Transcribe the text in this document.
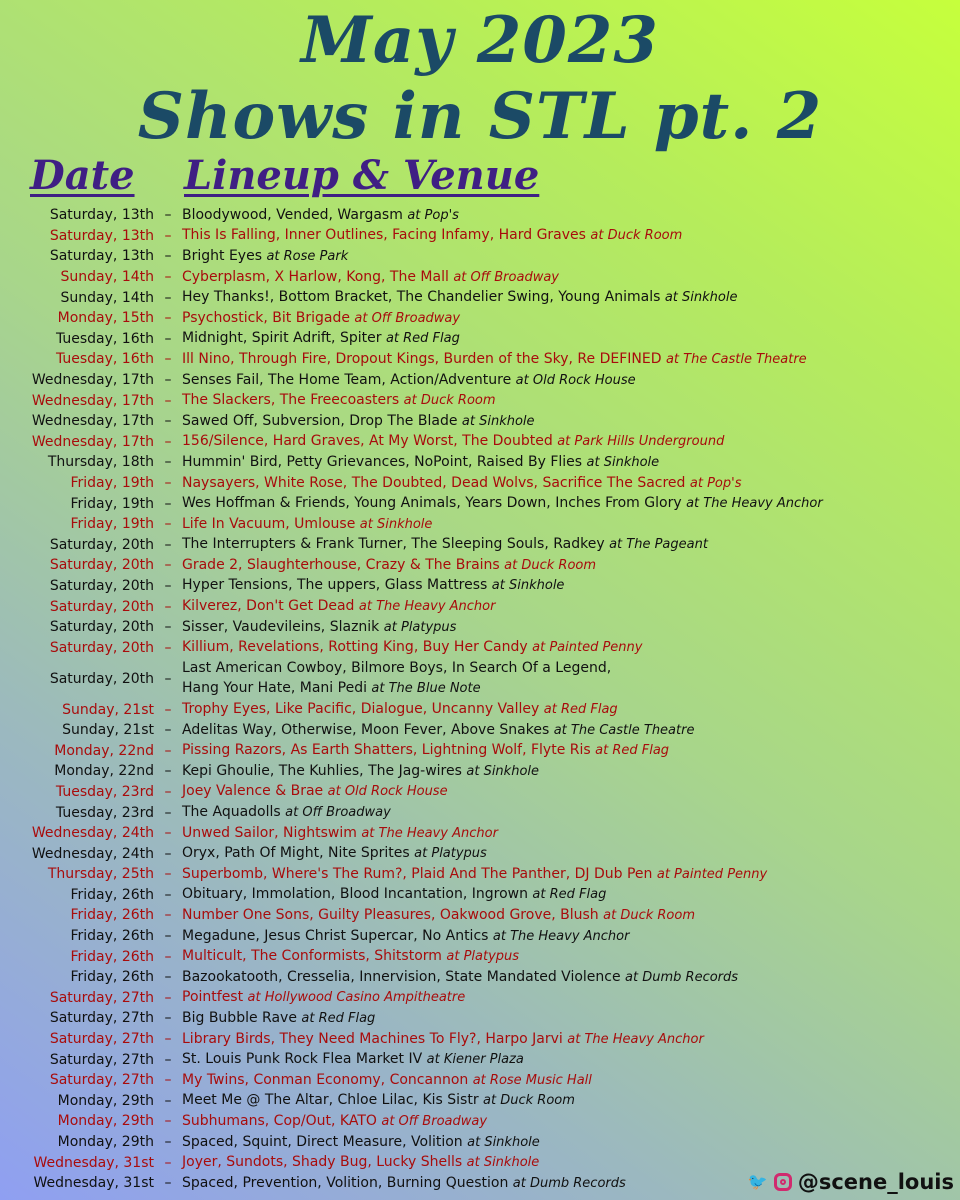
May 2023
Shows in STL pt. 2
Date Lineup & Venue
Saturday, 13th – Bloodywood, Vended, Wargasm at Pop's
Saturday, 13th – This Is Falling, Inner Outlines, Facing Infamy, Hard Graves at Duck Room
Saturday, 13th – Bright Eyes at Rose Park
Sunday, 14th – Cyberplasm, X Harlow, Kong, The Mall at Off Broadway
Sunday, 14th – Hey Thanks!, Bottom Bracket, The Chandelier Swing, Young Animals at Sinkhole
Monday, 15th – Psychostick, Bit Brigade at Off Broadway
Tuesday, 16th – Midnight, Spirit Adrift, Spiter at Red Flag
Tuesday, 16th – Ill Nino, Through Fire, Dropout Kings, Burden of the Sky, Re DEFINED at The Castle Theatre
Wednesday, 17th – Senses Fail, The Home Team, Action/Adventure at Old Rock House
Wednesday, 17th – The Slackers, The Freecoasters at Duck Room
Wednesday, 17th – Sawed Off, Subversion, Drop The Blade at Sinkhole
Wednesday, 17th – 156/Silence, Hard Graves, At My Worst, The Doubted at Park Hills Underground
Thursday, 18th – Hummin' Bird, Petty Grievances, NoPoint, Raised By Flies at Sinkhole
Friday, 19th – Naysayers, White Rose, The Doubted, Dead Wolvs, Sacrifice The Sacred at Pop's
Friday, 19th – Wes Hoffman & Friends, Young Animals, Years Down, Inches From Glory at The Heavy Anchor
Friday, 19th – Life In Vacuum, Umlouse at Sinkhole
Saturday, 20th – The Interrupters & Frank Turner, The Sleeping Souls, Radkey at The Pageant
Saturday, 20th – Grade 2, Slaughterhouse, Crazy & The Brains at Duck Room
Saturday, 20th – Hyper Tensions, The uppers, Glass Mattress at Sinkhole
Saturday, 20th – Kilverez, Don't Get Dead at The Heavy Anchor
Saturday, 20th – Sisser, Vaudevileins, Slaznik at Platypus
Saturday, 20th – Killium, Revelations, Rotting King, Buy Her Candy at Painted Penny
Saturday, 20th –
Last American Cowboy, Bilmore Boys, In Search Of a Legend,
Hang Your Hate, Mani Pedi at The Blue Note
Sunday, 21st – Trophy Eyes, Like Pacific, Dialogue, Uncanny Valley at Red Flag
Sunday, 21st – Adelitas Way, Otherwise, Moon Fever, Above Snakes at The Castle Theatre
Monday, 22nd – Pissing Razors, As Earth Shatters, Lightning Wolf, Flyte Ris at Red Flag
Monday, 22nd – Kepi Ghoulie, The Kuhlies, The Jag-wires at Sinkhole
Tuesday, 23rd – Joey Valence & Brae at Old Rock House
Tuesday, 23rd – The Aquadolls at Off Broadway
Wednesday, 24th – Unwed Sailor, Nightswim at The Heavy Anchor
Wednesday, 24th – Oryx, Path Of Might, Nite Sprites at Platypus
Thursday, 25th – Superbomb, Where's The Rum?, Plaid And The Panther, DJ Dub Pen at Painted Penny
Friday, 26th – Obituary, Immolation, Blood Incantation, Ingrown at Red Flag
Friday, 26th – Number One Sons, Guilty Pleasures, Oakwood Grove, Blush at Duck Room
Friday, 26th – Megadune, Jesus Christ Supercar, No Antics at The Heavy Anchor
Friday, 26th – Multicult, The Conformists, Shitstorm at Platypus
Friday, 26th – Bazookatooth, Cresselia, Innervision, State Mandated Violence at Dumb Records
Saturday, 27th – Pointfest at Hollywood Casino Ampitheatre
Saturday, 27th – Big Bubble Rave at Red Flag
Saturday, 27th – Library Birds, They Need Machines To Fly?, Harpo Jarvi at The Heavy Anchor
Saturday, 27th – St. Louis Punk Rock Flea Market IV at Kiener Plaza
Saturday, 27th – My Twins, Conman Economy, Concannon at Rose Music Hall
Monday, 29th – Meet Me @ The Altar, Chloe Lilac, Kis Sistr at Duck Room
Monday, 29th – Subhumans, Cop/Out, KATO at Off Broadway
Monday, 29th – Spaced, Squint, Direct Measure, Volition at Sinkhole
Wednesday, 31st – Joyer, Sundots, Shady Bug, Lucky Shells at Sinkhole
Wednesday, 31st – Spaced, Prevention, Volition, Burning Question at Dumb Records	🐦 @scene_louis
